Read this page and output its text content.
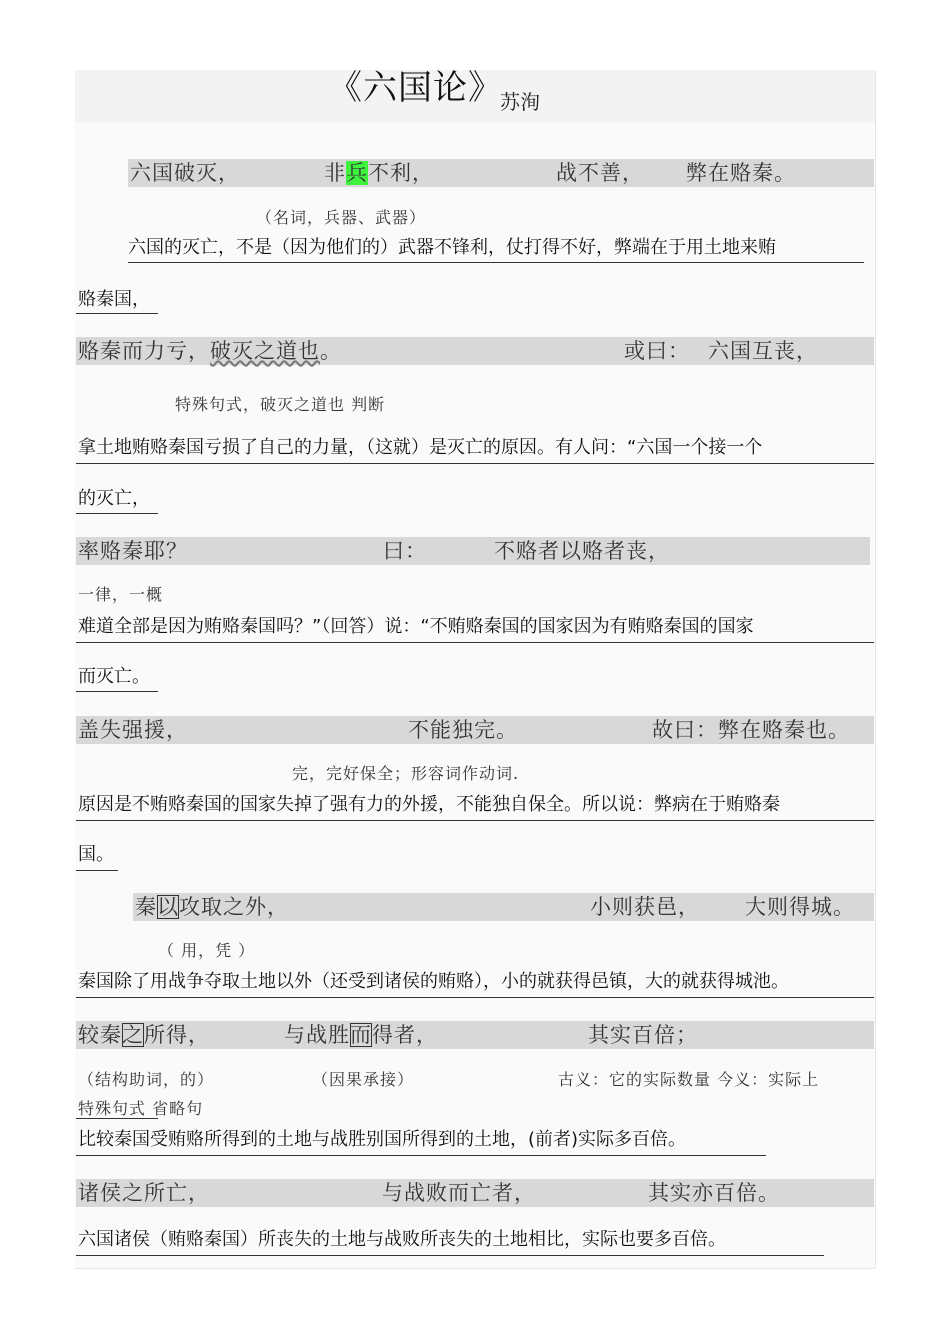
《六国论》
苏洵
六国破灭，	非兵不利，	战不善， 弊在赂秦。
（名词，兵器、武器）
六国的灭亡，不是（因为他们的）武器不锋利，仗打得不好，弊端在于用土地来贿
赂秦国，
赂秦而力亏，破灭之道也。	或曰： 六国互丧，
特殊句式，破灭之道也 判断
拿土地贿赂秦国亏损了自己的力量，（这就）是灭亡的原因。有人问：“六国一个接一个
的灭亡，
率赂秦耶？	曰：	不赂者以赂者丧，
一律，一概
难道全部是因为贿赂秦国吗？”（回答）说：“不贿赂秦国的国家因为有贿赂秦国的国家
而灭亡。
盖失强援，	不能独完。	故曰：弊在赂秦也。
完，完好保全；形容词作动词.
原因是不贿赂秦国的国家失掉了强有力的外援，不能独自保全。所以说：弊病在于贿赂秦
国。
秦以攻取之外，	小则获邑， 大则得城。
（ 用，凭 ）
秦国除了用战争夺取土地以外（还受到诸侯的贿赂），小的就获得邑镇，大的就获得城池。
较秦之所得，	与战胜而得者，	其实百倍；
（结构助词，的）	（因果承接）	古义：它的实际数量 今义：实际上
特殊句式 省略句
比较秦国受贿赂所得到的土地与战胜别国所得到的土地，(前者)实际多百倍。
诸侯之所亡，	与战败而亡者，	其实亦百倍。
六国诸侯（贿赂秦国）所丧失的土地与战败所丧失的土地相比，实际也要多百倍。
